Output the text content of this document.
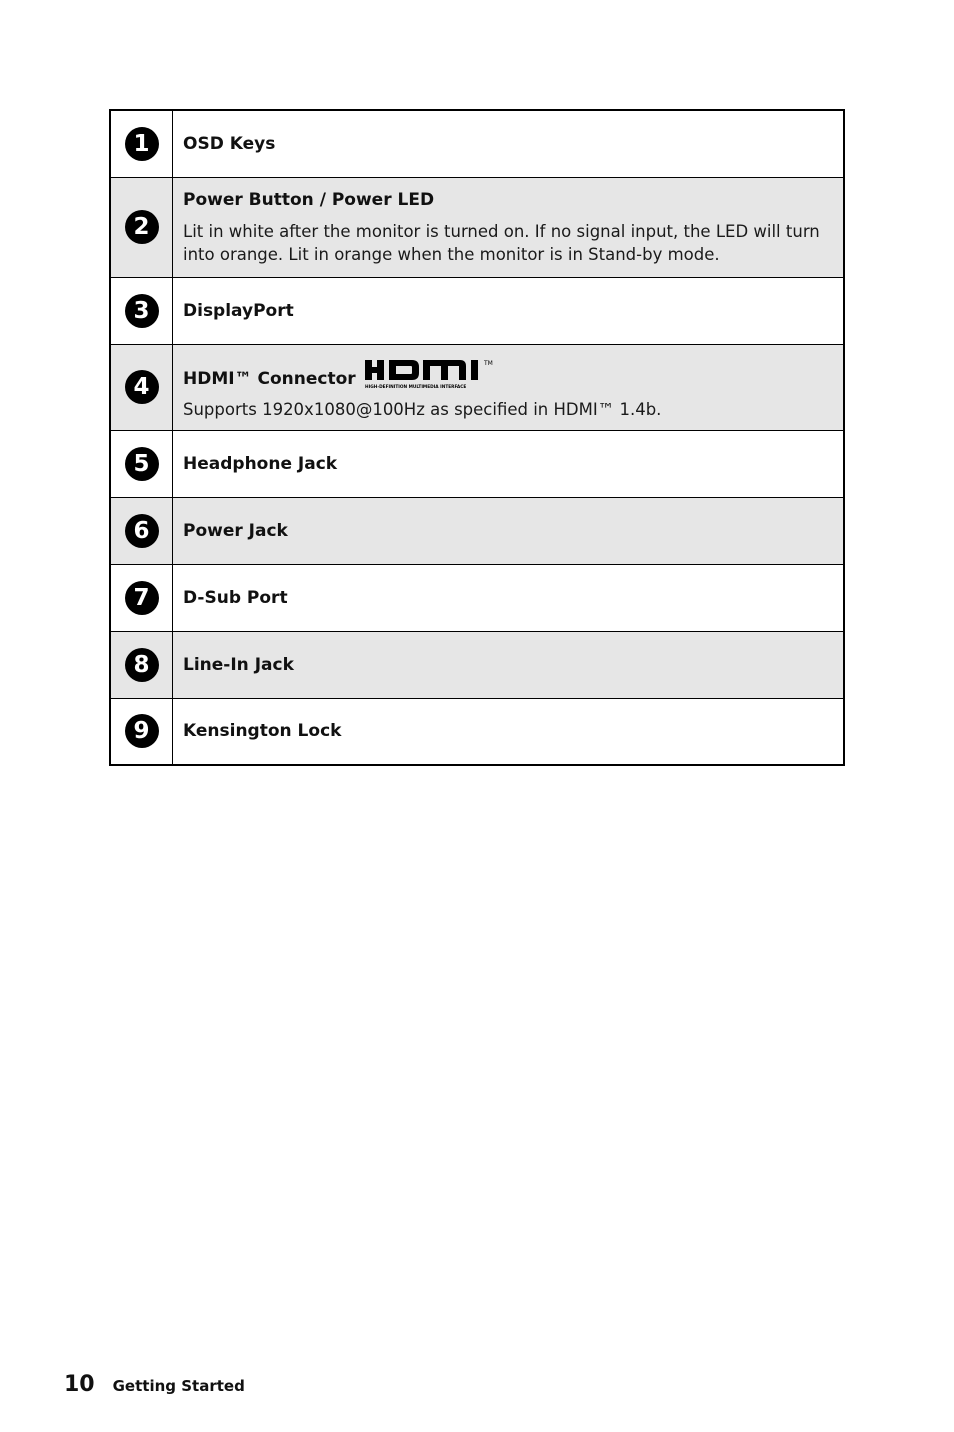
1	OSD Keys
2	Power Button / Power LED
Lit in white after the monitor is turned on. If no signal input, the LED will turn into orange. Lit in orange when the monitor is in Stand-by mode.

3	DisplayPort
4	HDMI™ Connector
TM
HIGH-DEFINITION MULTIMEDIA INTERFACE
Supports 1920x1080@100Hz as specified in HDMI™ 1.4b.

5	Headphone Jack
6	Power Jack
7	D-Sub Port
8	Line-In Jack
9	Kensington Lock
10 Getting Started
